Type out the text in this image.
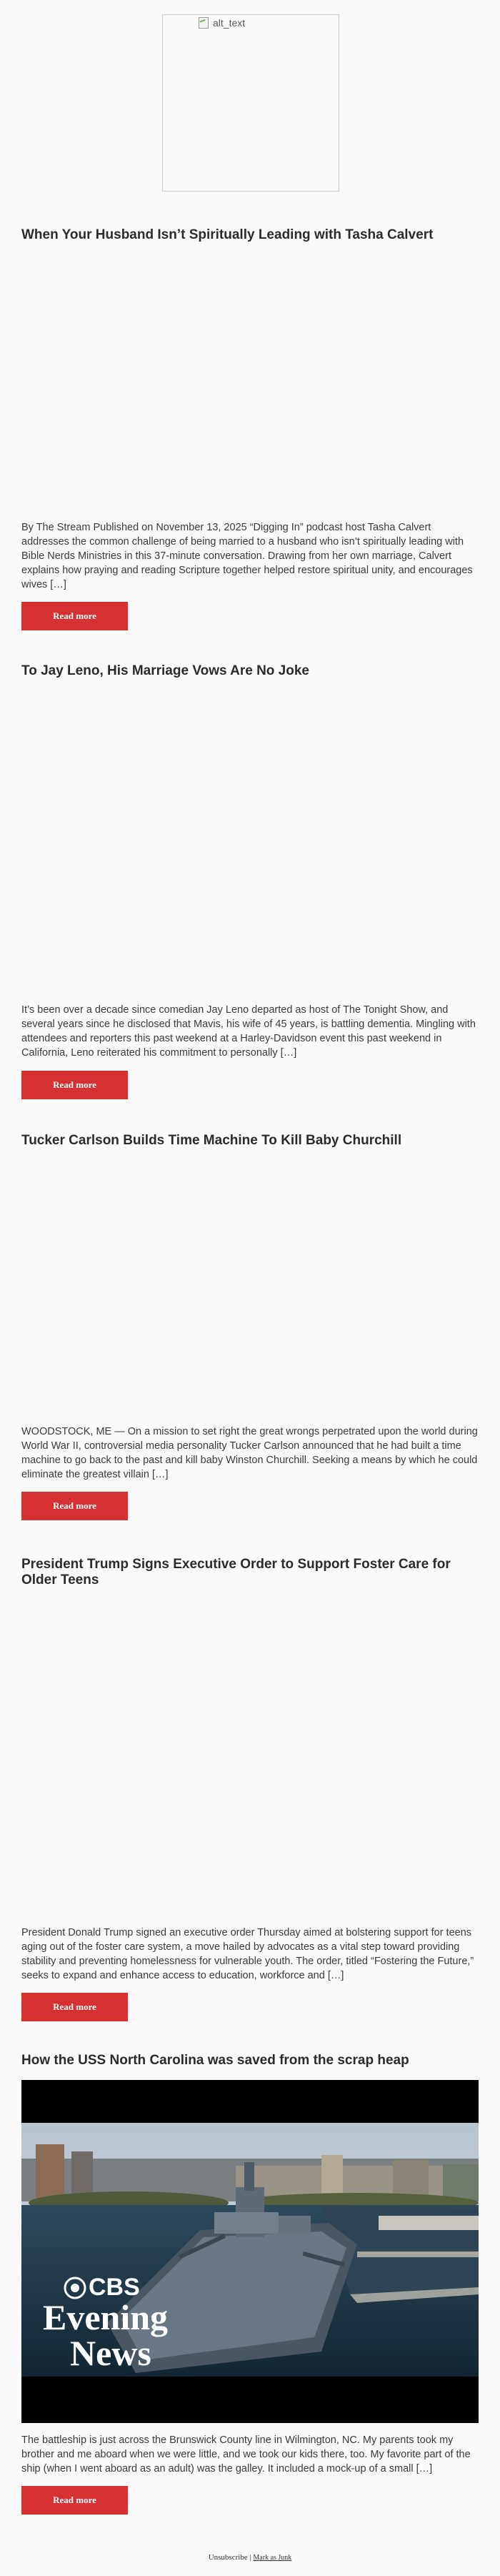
alt_text
When Your Husband Isn’t Spiritually Leading with Tasha Calvert
By The Stream Published on November 13, 2025 “Digging In” podcast host Tasha Calvert addresses the common challenge of being married to a husband who isn’t spiritually leading with Bible Nerds Ministries in this 37-minute conversation. Drawing from her own marriage, Calvert explains how praying and reading Scripture together helped restore spiritual unity, and encourages wives […]
Read more
To Jay Leno, His Marriage Vows Are No Joke
It’s been over a decade since comedian Jay Leno departed as host of The Tonight Show, and several years since he disclosed that Mavis, his wife of 45 years, is battling dementia. Mingling with attendees and reporters this past weekend at a Harley-Davidson event this past weekend in California, Leno reiterated his commitment to personally […]
Read more
Tucker Carlson Builds Time Machine To Kill Baby Churchill
WOODSTOCK, ME — On a mission to set right the great wrongs perpetrated upon the world during World War II, controversial media personality Tucker Carlson announced that he had built a time machine to go back to the past and kill baby Winston Churchill. Seeking a means by which he could eliminate the greatest villain […]
Read more
President Trump Signs Executive Order to Support Foster Care for Older Teens
President Donald Trump signed an executive order Thursday aimed at bolstering support for teens aging out of the foster care system, a move hailed by advocates as a vital step toward providing stability and preventing homelessness for vulnerable youth. The order, titled “Fostering the Future,” seeks to expand and enhance access to education, workforce and […]
Read more
How the USS North Carolina was saved from the scrap heap
CBS
Evening
News
The battleship is just across the Brunswick County line in Wilmington, NC. My parents took my brother and me aboard when we were little, and we took our kids there, too. My favorite part of the ship (when I went aboard as an adult) was the galley. It included a mock-up of a small […]
Read more
Unsubscribe | Mark as Junk
